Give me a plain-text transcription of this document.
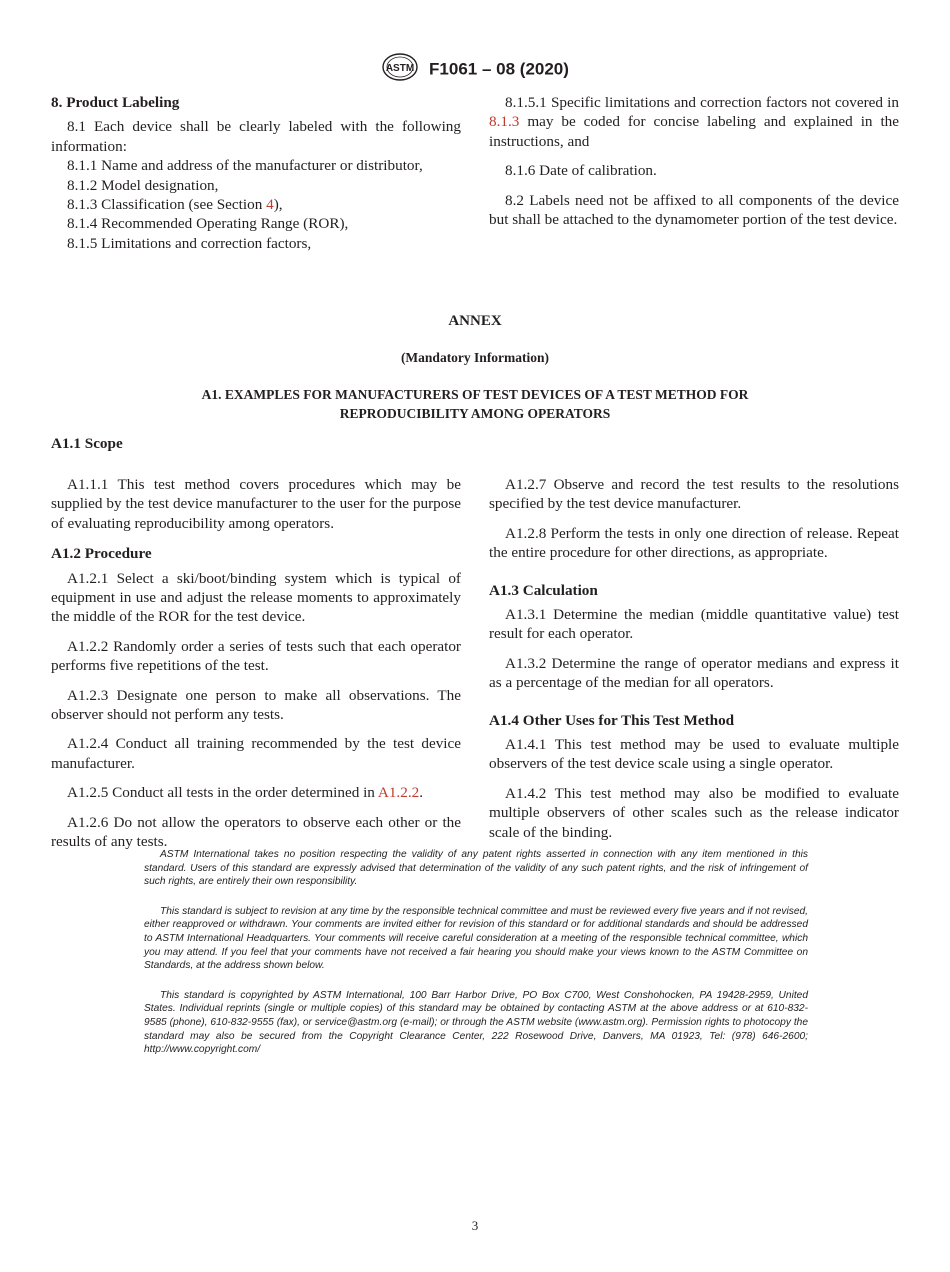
ASTM F1061 – 08 (2020)
8. Product Labeling

8.1 Each device shall be clearly labeled with the following information:

8.1.1 Name and address of the manufacturer or distributor,
8.1.2 Model designation,
8.1.3 Classification (see Section 4),
8.1.4 Recommended Operating Range (ROR),
8.1.5 Limitations and correction factors,

8.1.5.1 Specific limitations and correction factors not covered in 8.1.3 may be coded for concise labeling and explained in the instructions, and

8.1.6 Date of calibration.

8.2 Labels need not be affixed to all components of the device but shall be attached to the dynamometer portion of the test device.

ANNEX
(Mandatory Information)
A1. EXAMPLES FOR MANUFACTURERS OF TEST DEVICES OF A TEST METHOD FOR
REPRODUCIBILITY AMONG OPERATORS
A1.1 Scope

A1.1.1 This test method covers procedures which may be supplied by the test device manufacturer to the user for the purpose of evaluating reproducibility among operators.

A1.2 Procedure

A1.2.1 Select a ski/boot/binding system which is typical of equipment in use and adjust the release moments to approximately the middle of the ROR for the test device.

A1.2.2 Randomly order a series of tests such that each operator performs five repetitions of the test.

A1.2.3 Designate one person to make all observations. The observer should not perform any tests.

A1.2.4 Conduct all training recommended by the test device manufacturer.

A1.2.5 Conduct all tests in the order determined in A1.2.2.

A1.2.6 Do not allow the operators to observe each other or the results of any tests.

A1.2.7 Observe and record the test results to the resolutions specified by the test device manufacturer.

A1.2.8 Perform the tests in only one direction of release. Repeat the entire procedure for other directions, as appropriate.

A1.3 Calculation

A1.3.1 Determine the median (middle quantitative value) test result for each operator.

A1.3.2 Determine the range of operator medians and express it as a percentage of the median for all operators.

A1.4 Other Uses for This Test Method

A1.4.1 This test method may be used to evaluate multiple observers of the test device scale using a single operator.

A1.4.2 This test method may also be modified to evaluate multiple observers of other scales such as the release indicator scale of the binding.

ASTM International takes no position respecting the validity of any patent rights asserted in connection with any item mentioned in this standard. Users of this standard are expressly advised that determination of the validity of any such patent rights, and the risk of infringement of such rights, are entirely their own responsibility.

This standard is subject to revision at any time by the responsible technical committee and must be reviewed every five years and if not revised, either reapproved or withdrawn. Your comments are invited either for revision of this standard or for additional standards and should be addressed to ASTM International Headquarters. Your comments will receive careful consideration at a meeting of the responsible technical committee, which you may attend. If you feel that your comments have not received a fair hearing you should make your views known to the ASTM Committee on Standards, at the address shown below.

This standard is copyrighted by ASTM International, 100 Barr Harbor Drive, PO Box C700, West Conshohocken, PA 19428-2959, United States. Individual reprints (single or multiple copies) of this standard may be obtained by contacting ASTM at the above address or at 610-832-9585 (phone), 610-832-9555 (fax), or service@astm.org (e-mail); or through the ASTM website (www.astm.org). Permission rights to photocopy the standard may also be secured from the Copyright Clearance Center, 222 Rosewood Drive, Danvers, MA 01923, Tel: (978) 646-2600; http://www.copyright.com/

3
